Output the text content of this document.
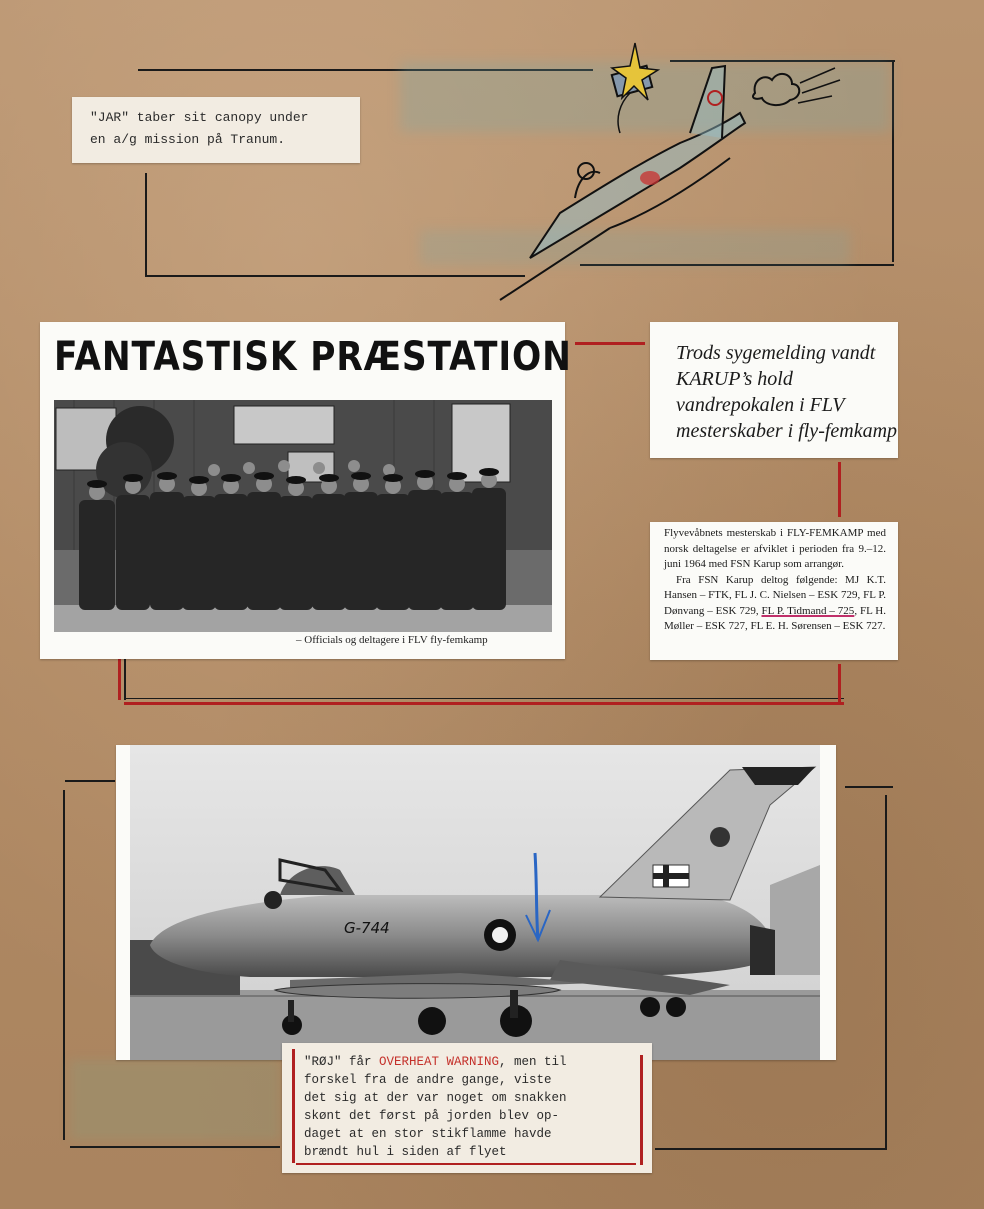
"JAR" taber sit canopy under
en a/g mission på Tranum.
FANTASTISK PRÆSTATION
– Officials og deltagere i FLV fly-femkamp
Trods sygemelding vandt
KARUP’s hold
vandrepokalen i FLV
mesterskaber i fly-femkamp
Flyvevåbnets mesterskab i FLY-FEMKAMP med norsk deltagelse er afviklet i perioden fra 9.–12. juni 1964 med FSN Karup som arrangør.
Fra FSN Karup deltog følgende: MJ K.T. Hansen – FTK, FL J. C. Nielsen – ESK 729, FL P. Dønvang – ESK 729, FL P. Tidmand – 725, FL H. Møller – ESK 727, FL E. H. Sørensen – ESK 727.
G-744
"RØJ" får OVERHEAT WARNING, men til
forskel fra de andre gange, viste
det sig at der var noget om snakken
skønt det først på jorden blev op-
daget at en stor stikflamme havde
brændt hul i siden af flyet
